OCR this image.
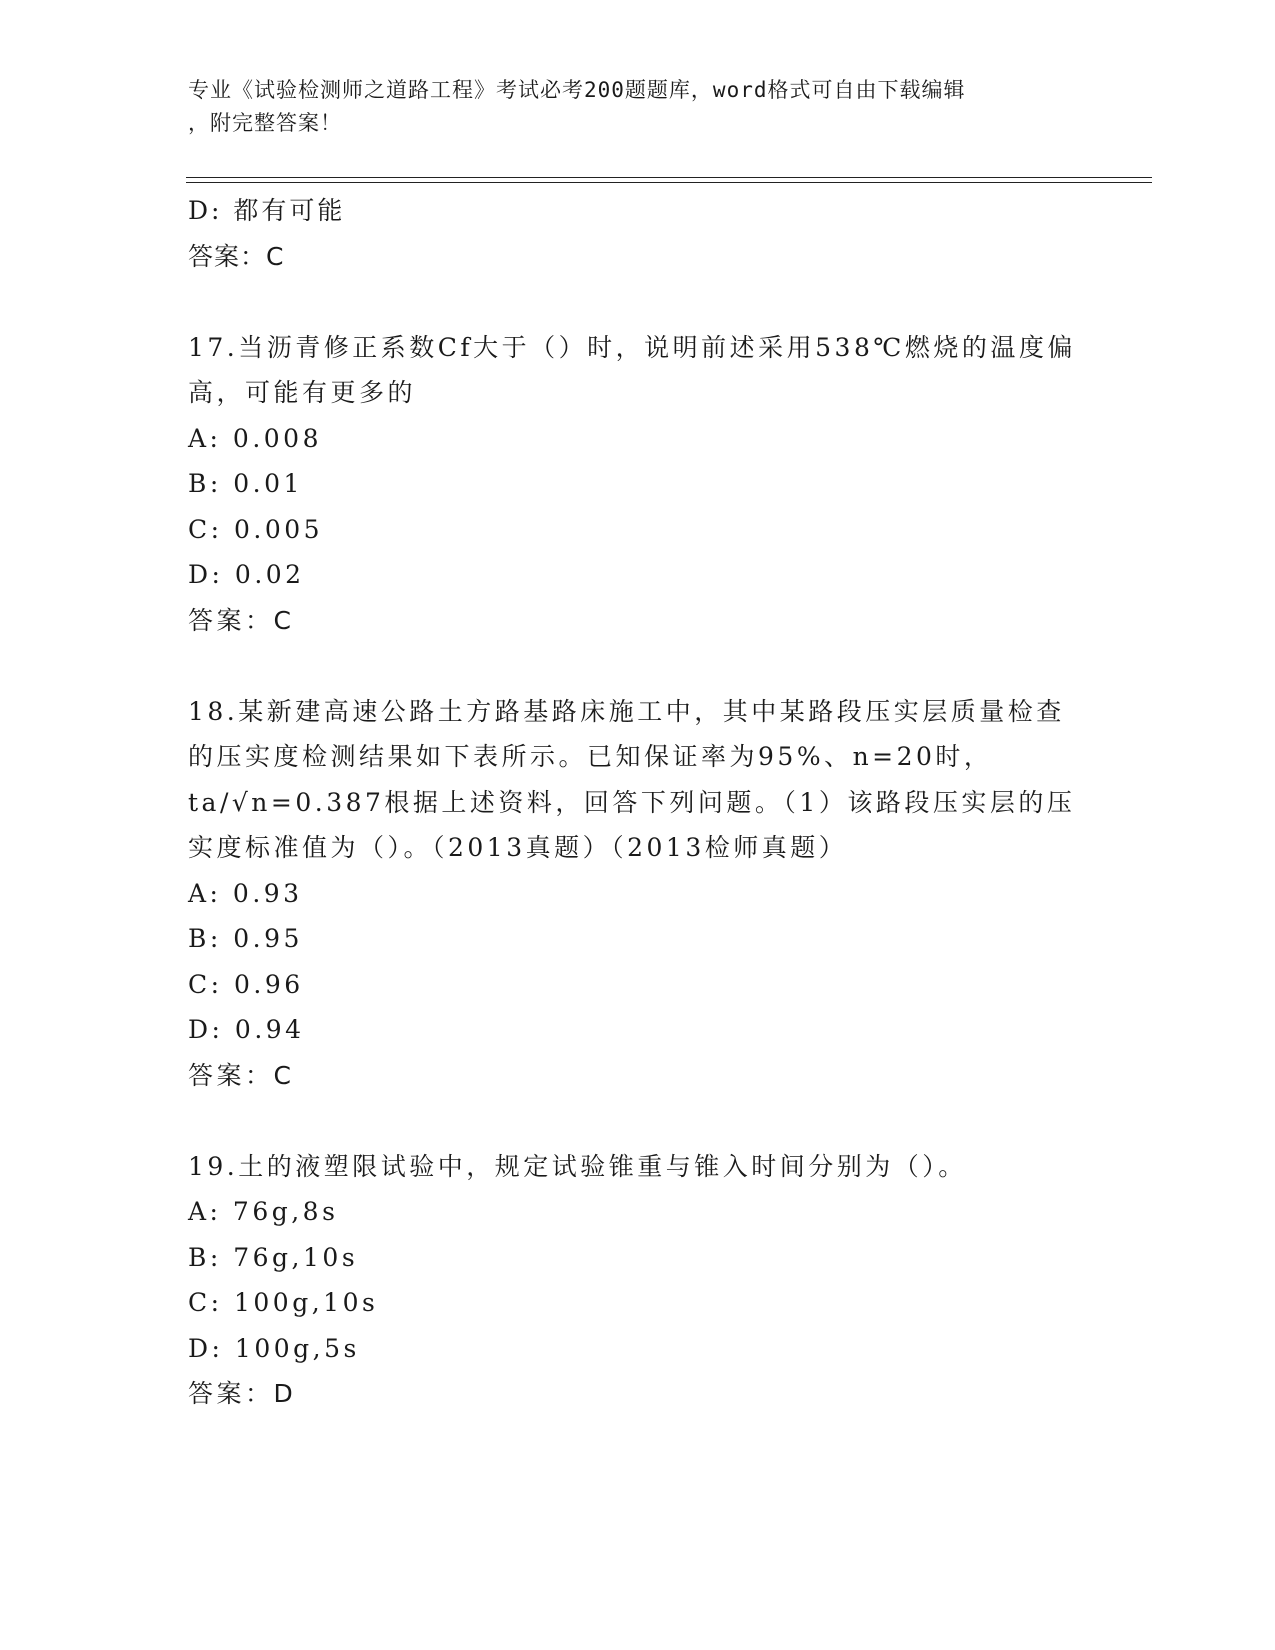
专业《试验检测师之道路工程》考试必考200题题库，word格式可自由下载编辑
，附完整答案！
D: 都有可能
答案：C
17.当沥青修正系数Cf大于（）时，说明前述采用538℃燃烧的温度偏
高，可能有更多的
A: 0.008
B: 0.01
C: 0.005
D: 0.02
答案：C
18.某新建高速公路土方路基路床施工中，其中某路段压实层质量检查
的压实度检测结果如下表所示。已知保证率为95%、n=20时，
ta/√n=0.387根据上述资料，回答下列问题。（1）该路段压实层的压
实度标准值为（）。（2013真题）（2013检师真题）
A: 0.93
B: 0.95
C: 0.96
D: 0.94
答案：C
19.土的液塑限试验中，规定试验锥重与锥入时间分别为（）。
A: 76g,8s
B: 76g,10s
C: 100g,10s
D: 100g,5s
答案：D
